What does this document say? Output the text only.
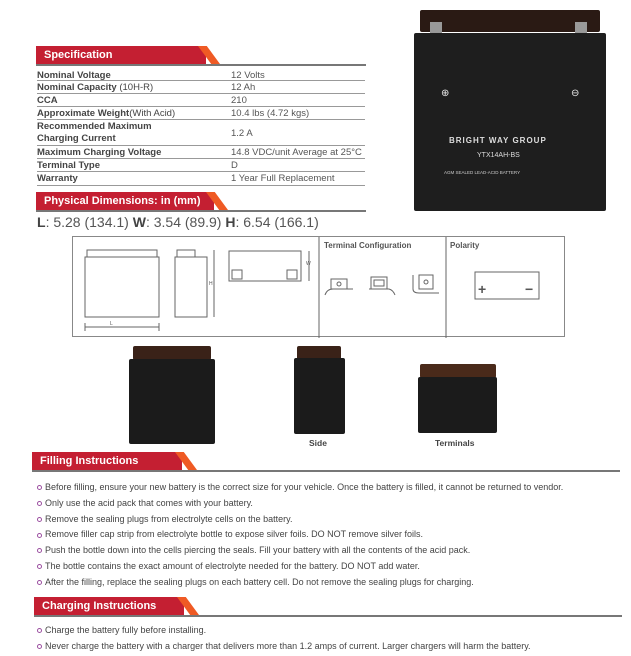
Specification
Nominal Voltage	12 Volts
Nominal Capacity (10H-R)	12 Ah
CCA	210
Approximate Weight(With Acid)	10.4 lbs (4.72 kgs)
Recommended Maximum
Charging Current	1.2 A
Maximum Charging Voltage	14.8 VDC/unit Average at 25°C
Terminal Type	D
Warranty	1 Year Full Replacement
Physical Dimensions: in (mm)
L: 5.28 (134.1) W: 3.54 (89.9) H: 6.54 (166.1)
L
H
W
Terminal Configuration	Polarity
+	−
⊕	⊖
BRIGHT WAY GROUP
YTX14AH-BS
AGM SEALED LEAD-ACID BATTERY
Side	Terminals
Filling Instructions
Before filling, ensure your new battery is the correct size for your vehicle. Once the battery is filled, it cannot be returned to vendor.
Only use the acid pack that comes with your battery.
Remove the sealing plugs from electrolyte cells on the battery.
Remove filler cap strip from electrolyte bottle to expose silver foils. DO NOT remove silver foils.
Push the bottle down into the cells piercing the seals. Fill your battery with all the contents of the acid pack.
The bottle contains the exact amount of electrolyte needed for the battery. DO NOT add water.
After the filling, replace the sealing plugs on each battery cell. Do not remove the sealing plugs for charging.
Charging Instructions
Charge the battery fully before installing.
Never charge the battery with a charger that delivers more than 1.2 amps of current. Larger chargers will harm the battery.
